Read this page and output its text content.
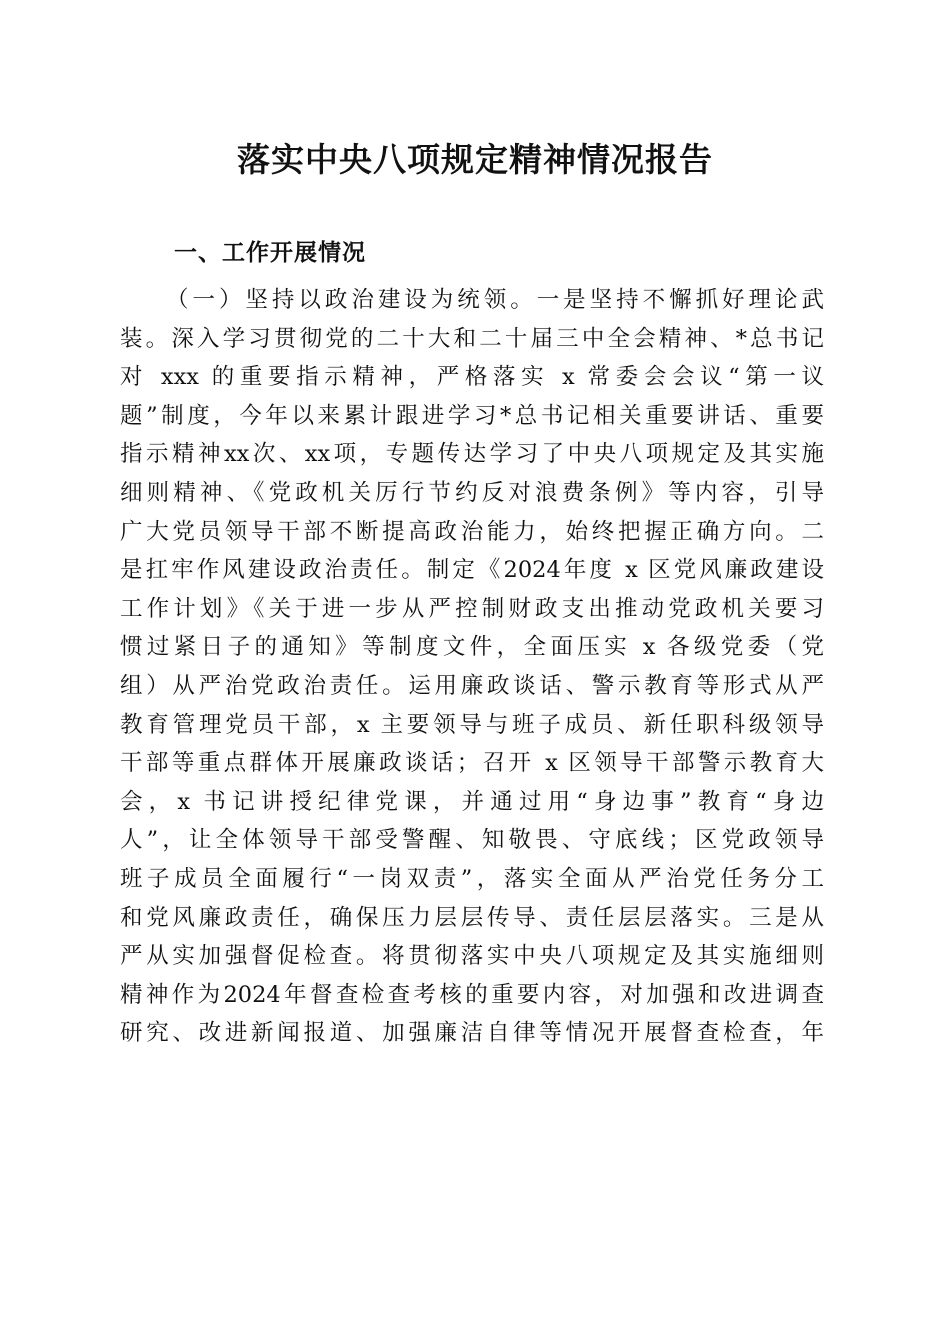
落实中央八项规定精神情况报告
一、工作开展情况
（一）坚持以政治建设为统领。一是坚持不懈抓好理论武
装。深入学习贯彻党的二十大和二十届三中全会精神、*总书记
对 xxx 的重要指示精神，严格落实 x 常委会会议“第一议
题”制度，今年以来累计跟进学习*总书记相关重要讲话、重要
指示精神xx次、xx项，专题传达学习了中央八项规定及其实施
细则精神、《党政机关厉行节约反对浪费条例》等内容，引导
广大党员领导干部不断提高政治能力，始终把握正确方向。二
是扛牢作风建设政治责任。制定《2024年度 x 区党风廉政建设
工作计划》《关于进一步从严控制财政支出推动党政机关要习
惯过紧日子的通知》等制度文件，全面压实 x 各级党委（党
组）从严治党政治责任。运用廉政谈话、警示教育等形式从严
教育管理党员干部，x 主要领导与班子成员、新任职科级领导
干部等重点群体开展廉政谈话；召开 x 区领导干部警示教育大
会，x 书记讲授纪律党课，并通过用“身边事”教育“身边
人”，让全体领导干部受警醒、知敬畏、守底线；区党政领导
班子成员全面履行“一岗双责”，落实全面从严治党任务分工
和党风廉政责任，确保压力层层传导、责任层层落实。三是从
严从实加强督促检查。将贯彻落实中央八项规定及其实施细则
精神作为2024年督查检查考核的重要内容，对加强和改进调查
研究、改进新闻报道、加强廉洁自律等情况开展督查检查，年
